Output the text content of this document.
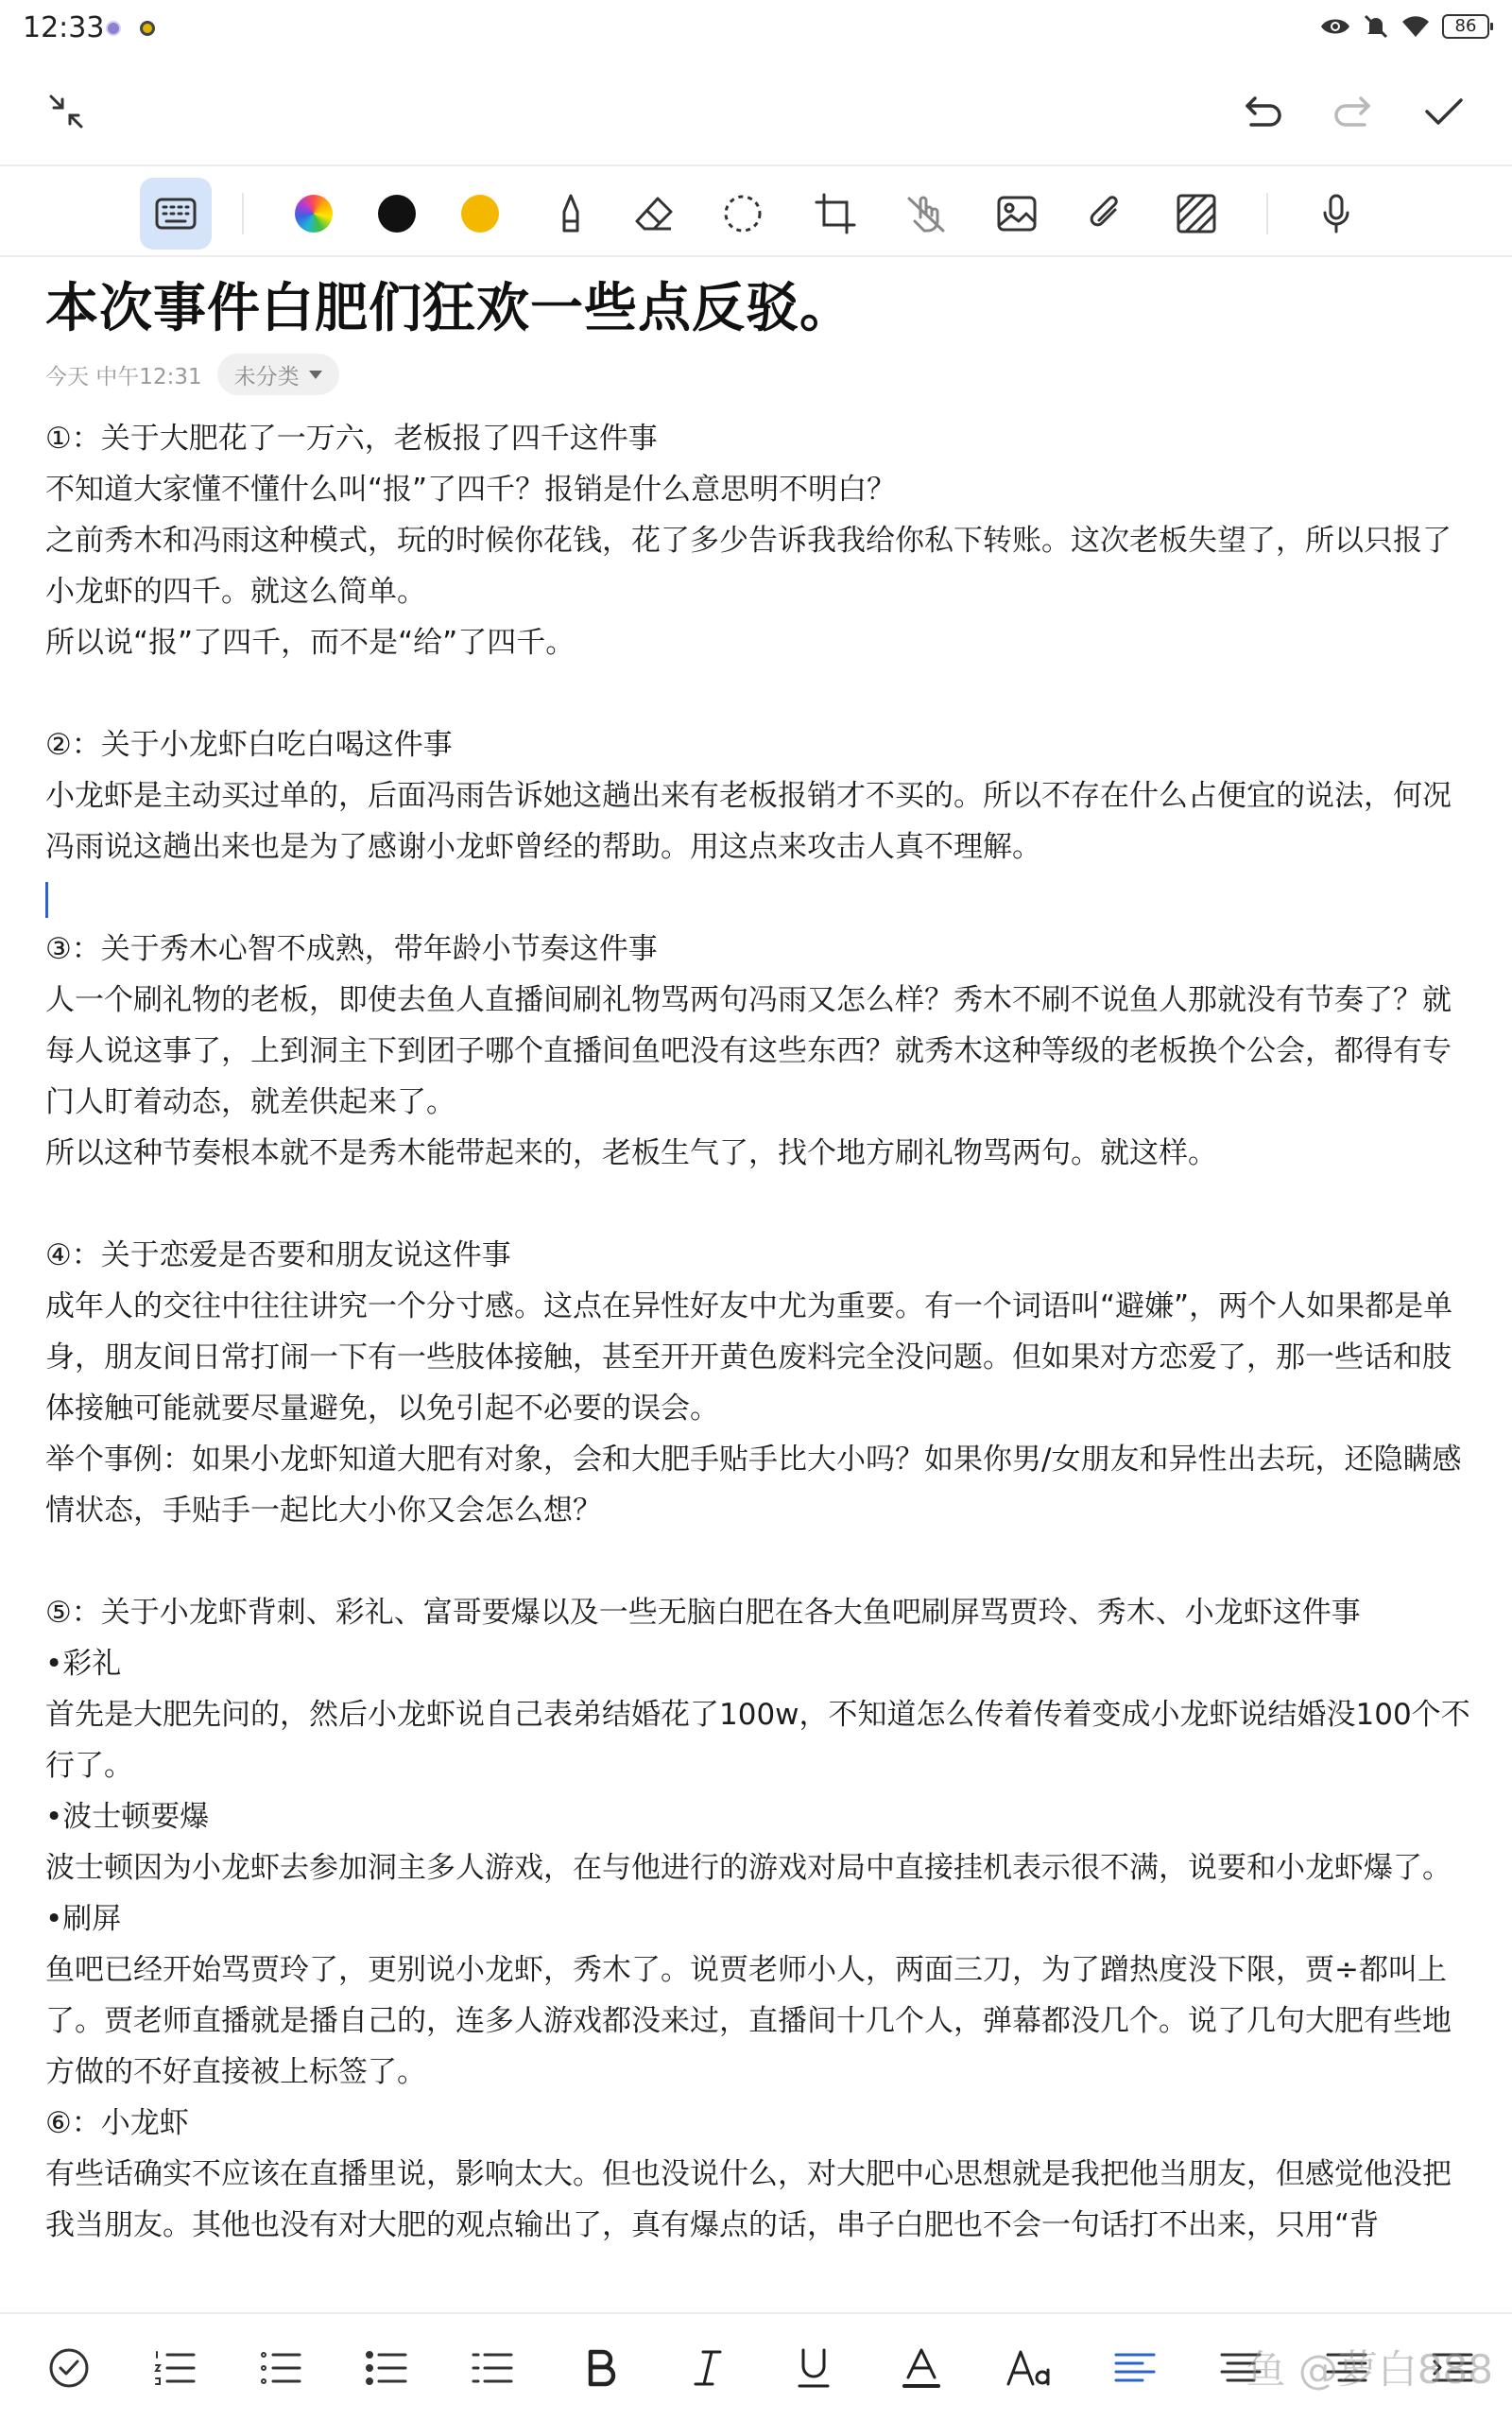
12:33	86
本次事件白肥们狂欢一些点反驳。
今天 中午12:31 未分类
①：关于大肥花了一万六，老板报了四千这件事
不知道大家懂不懂什么叫“报”了四千？报销是什么意思明不明白？
之前秀木和冯雨这种模式，玩的时候你花钱，花了多少告诉我我给你私下转账。这次老板失望了，所以只报了小龙虾的四千。就这么简单。
所以说“报”了四千，而不是“给”了四千。
②：关于小龙虾白吃白喝这件事
小龙虾是主动买过单的，后面冯雨告诉她这趟出来有老板报销才不买的。所以不存在什么占便宜的说法，何况冯雨说这趟出来也是为了感谢小龙虾曾经的帮助。用这点来攻击人真不理解。
③：关于秀木心智不成熟，带年龄小节奏这件事
人一个刷礼物的老板，即使去鱼人直播间刷礼物骂两句冯雨又怎么样？秀木不刷不说鱼人那就没有节奏了？就每人说这事了，上到洞主下到团子哪个直播间鱼吧没有这些东西？就秀木这种等级的老板换个公会，都得有专门人盯着动态，就差供起来了。
所以这种节奏根本就不是秀木能带起来的，老板生气了，找个地方刷礼物骂两句。就这样。
④：关于恋爱是否要和朋友说这件事
成年人的交往中往往讲究一个分寸感。这点在异性好友中尤为重要。有一个词语叫“避嫌”，两个人如果都是单身，朋友间日常打闹一下有一些肢体接触，甚至开开黄色废料完全没问题。但如果对方恋爱了，那一些话和肢体接触可能就要尽量避免，以免引起不必要的误会。
举个事例：如果小龙虾知道大肥有对象，会和大肥手贴手比大小吗？如果你男/女朋友和异性出去玩，还隐瞒感情状态，手贴手一起比大小你又会怎么想？
⑤：关于小龙虾背刺、彩礼、富哥要爆以及一些无脑白肥在各大鱼吧刷屏骂贾玲、秀木、小龙虾这件事
•彩礼
首先是大肥先问的，然后小龙虾说自己表弟结婚花了100w，不知道怎么传着传着变成小龙虾说结婚没100个不行了。
•波士顿要爆
波士顿因为小龙虾去参加洞主多人游戏，在与他进行的游戏对局中直接挂机表示很不满，说要和小龙虾爆了。
•刷屏
鱼吧已经开始骂贾玲了，更别说小龙虾，秀木了。说贾老师小人，两面三刀，为了蹭热度没下限，贾÷都叫上了。贾老师直播就是播自己的，连多人游戏都没来过，直播间十几个人，弹幕都没几个。说了几句大肥有些地方做的不好直接被上标签了。
⑥：小龙虾
有些话确实不应该在直播里说，影响太大。但也没说什么，对大肥中心思想就是我把他当朋友，但感觉他没把我当朋友。其他也没有对大肥的观点输出了，真有爆点的话，串子白肥也不会一句话打不出来，只用“背
鱼 @萝白888
